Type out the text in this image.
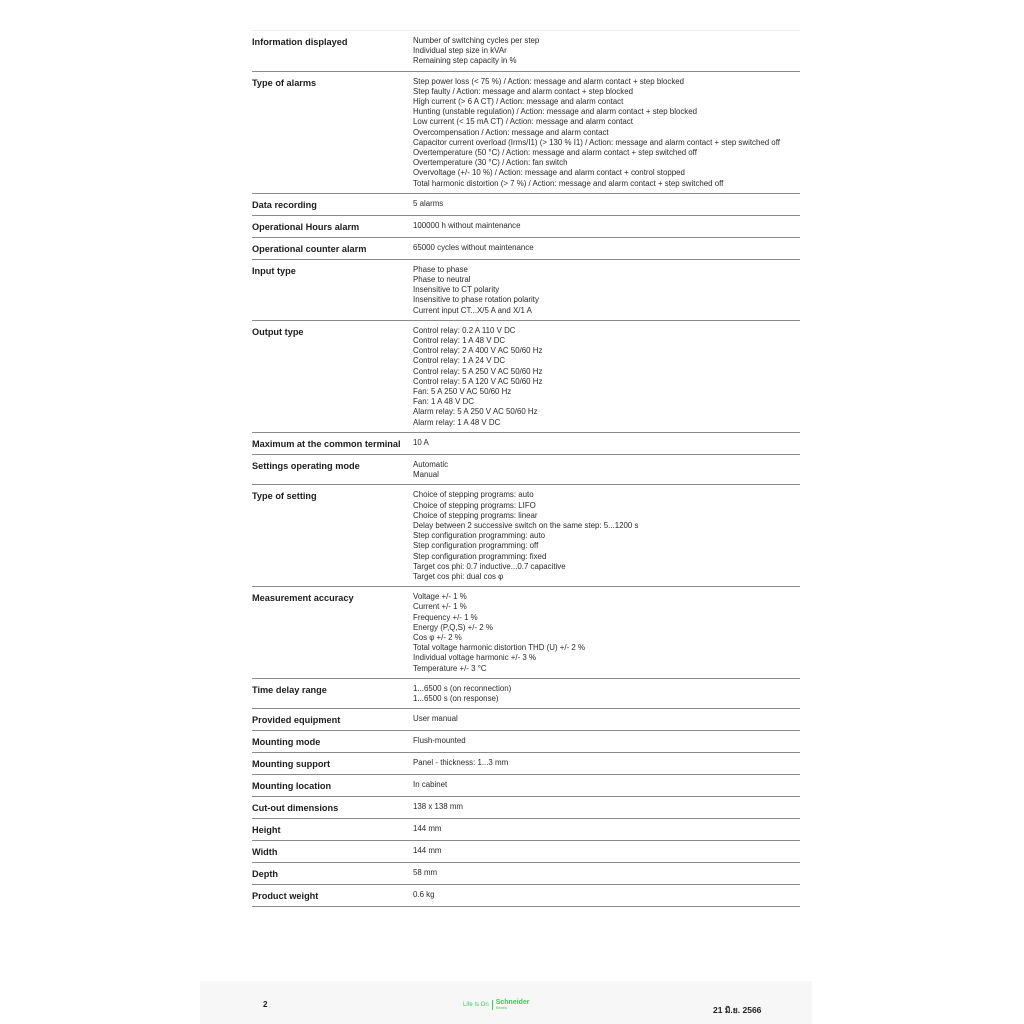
Information displayed	Number of switching cycles per step
Individual step size in kVAr
Remaining step capacity in %
Type of alarms	Step power loss (< 75 %) / Action: message and alarm contact + step blocked
Step faulty / Action: message and alarm contact + step blocked
High current (> 6 A CT) / Action: message and alarm contact
Hunting (unstable regulation) / Action: message and alarm contact + step blocked
Low current (< 15 mA CT) / Action: message and alarm contact
Overcompensation / Action: message and alarm contact
Capacitor current overload (Irms/I1) (> 130 % I1) / Action: message and alarm contact + step switched off
Overtemperature (50 °C) / Action: message and alarm contact + step switched off
Overtemperature (30 °C) / Action: fan switch
Overvoltage (+/- 10 %) / Action: message and alarm contact + control stopped
Total harmonic distortion (> 7 %) / Action: message and alarm contact + step switched off
Data recording	5 alarms
Operational Hours alarm	100000 h without maintenance
Operational counter alarm	65000 cycles without maintenance
Input type	Phase to phase
Phase to neutral
Insensitive to CT polarity
Insensitive to phase rotation polarity
Current input CT...X/5 A and X/1 A
Output type	Control relay: 0.2 A 110 V DC
Control relay: 1 A 48 V DC
Control relay: 2 A 400 V AC 50/60 Hz
Control relay: 1 A 24 V DC
Control relay: 5 A 250 V AC 50/60 Hz
Control relay: 5 A 120 V AC 50/60 Hz
Fan: 5 A 250 V AC 50/60 Hz
Fan: 1 A 48 V DC
Alarm relay: 5 A 250 V AC 50/60 Hz
Alarm relay: 1 A 48 V DC
Maximum at the common terminal	10 A
Settings operating mode	Automatic
Manual
Type of setting	Choice of stepping programs: auto
Choice of stepping programs: LIFO
Choice of stepping programs: linear
Delay between 2 successive switch on the same step: 5...1200 s
Step configuration programming: auto
Step configuration programming: off
Step configuration programming: fixed
Target cos phi: 0.7 inductive...0.7 capacitive
Target cos phi: dual cos φ
Measurement accuracy	Voltage +/- 1 %
Current +/- 1 %
Frequency +/- 1 %
Energy (P,Q,S) +/- 2 %
Cos φ +/- 2 %
Total voltage harmonic distortion THD (U) +/- 2 %
Individual voltage harmonic +/- 3 %
Temperature +/- 3 °C
Time delay range	1...6500 s (on reconnection)
1...6500 s (on response)
Provided equipment	User manual
Mounting mode	Flush-mounted
Mounting support	Panel - thickness: 1...3 mm
Mounting location	In cabinet
Cut-out dimensions	138 x 138 mm
Height	144 mm
Width	144 mm
Depth	58 mm
Product weight	0.6 kg
2	Life Is On Schneider
Electric	21 มิ.ย. 2566
